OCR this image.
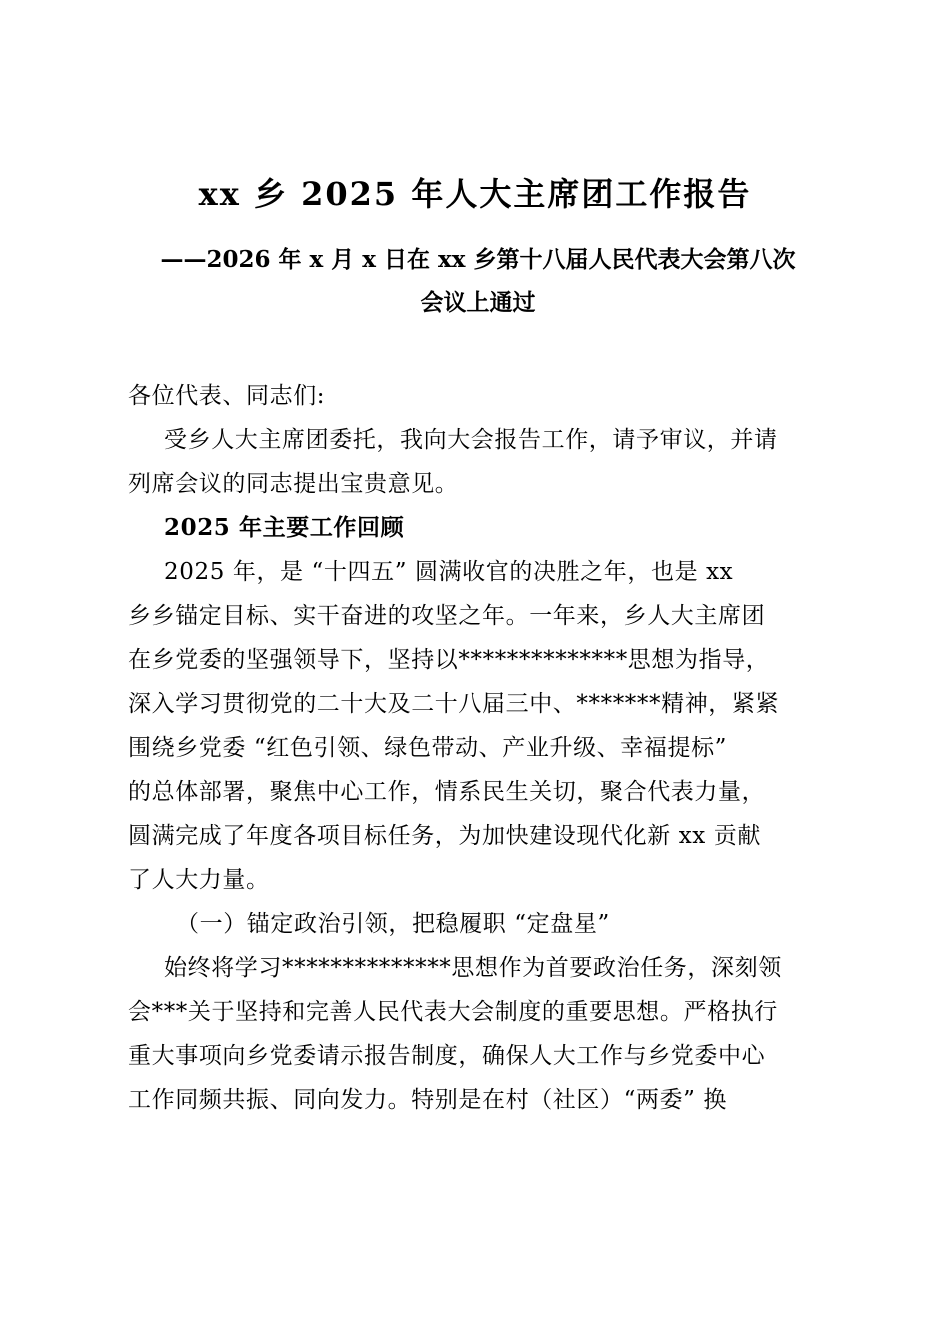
xx 乡 2025 年人大主席团工作报告
——2026 年 x 月 x 日在 xx 乡第十八届人民代表大会第八次
会议上通过
各位代表、同志们:
受乡人大主席团委托，我向大会报告工作，请予审议，并请
列席会议的同志提出宝贵意见。
2025 年主要工作回顾
2025 年，是 “十四五” 圆满收官的决胜之年，也是 xx
乡乡锚定目标、实干奋进的攻坚之年。一年来，乡人大主席团
在乡党委的坚强领导下，坚持以**************思想为指导，
深入学习贯彻党的二十大及二十八届三中、*******精神，紧紧
围绕乡党委 “红色引领、绿色带动、产业升级、幸福提标”
的总体部署，聚焦中心工作，情系民生关切，聚合代表力量，
圆满完成了年度各项目标任务，为加快建设现代化新 xx 贡献
了人大力量。
（一）锚定政治引领，把稳履职 “定盘星”
始终将学习**************思想作为首要政治任务，深刻领
会***关于坚持和完善人民代表大会制度的重要思想。严格执行
重大事项向乡党委请示报告制度，确保人大工作与乡党委中心
工作同频共振、同向发力。特别是在村（社区）“两委” 换
